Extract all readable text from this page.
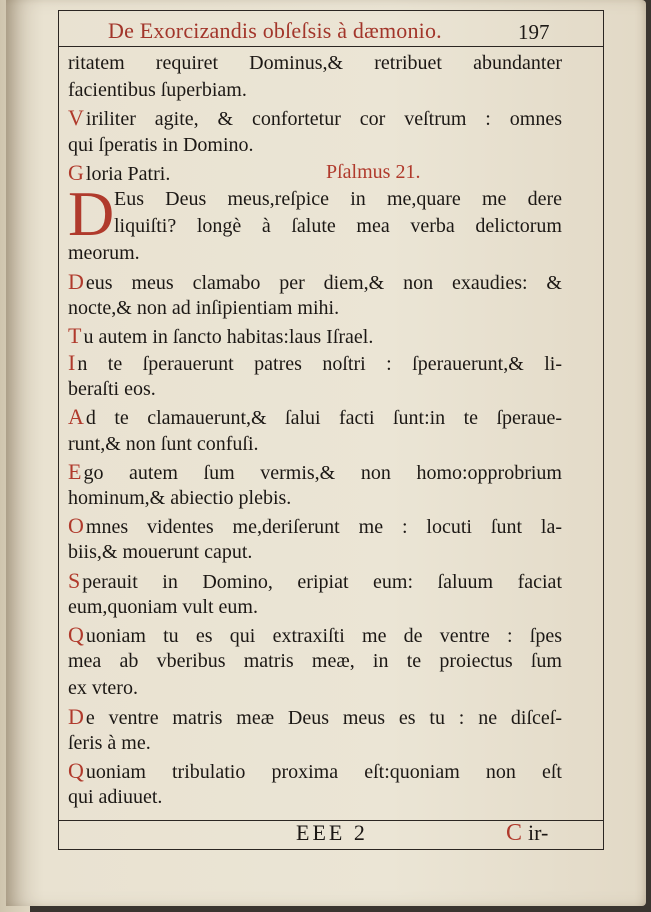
De Exorcizandis obſeſsis à dæmonio.	197
ritatem requiret Dominus,& retribuet abundanter
facientibus ſuperbiam.
V iriliter agite, & confortetur cor veſtrum : omnes
qui ſperatis in Domino.
G loria Patri.	Pſalmus 21.
D Eus Deus meus,reſpice in me,quare me dere
liquiſti? longè à ſalute mea verba delictorum
meorum.
D eus meus clamabo per diem,& non exaudies: &
nocte,& non ad inſipientiam mihi.
T u autem in ſancto habitas:laus Iſrael.
I n te ſperauerunt patres noſtri : ſperauerunt,& li-
beraſti eos.
A d te clamauerunt,& ſalui facti ſunt:in te ſperaue-
runt,& non ſunt confuſi.
E go autem ſum vermis,& non homo:opprobrium
hominum,& abiectio plebis.
O mnes videntes me,deriſerunt me : locuti ſunt la-
biis,& mouerunt caput.
S perauit in Domino, eripiat eum: ſaluum faciat
eum,quoniam vult eum.
Q uoniam tu es qui extraxiſti me de ventre : ſpes
mea ab vberibus matris meæ, in te proiectus ſum
ex vtero.
D e ventre matris meæ Deus meus es tu : ne diſceſ-
ſeris à me.
Q uoniam tribulatio proxima eſt:quoniam non eſt
qui adiuuet.
EEE 2	C ir-
